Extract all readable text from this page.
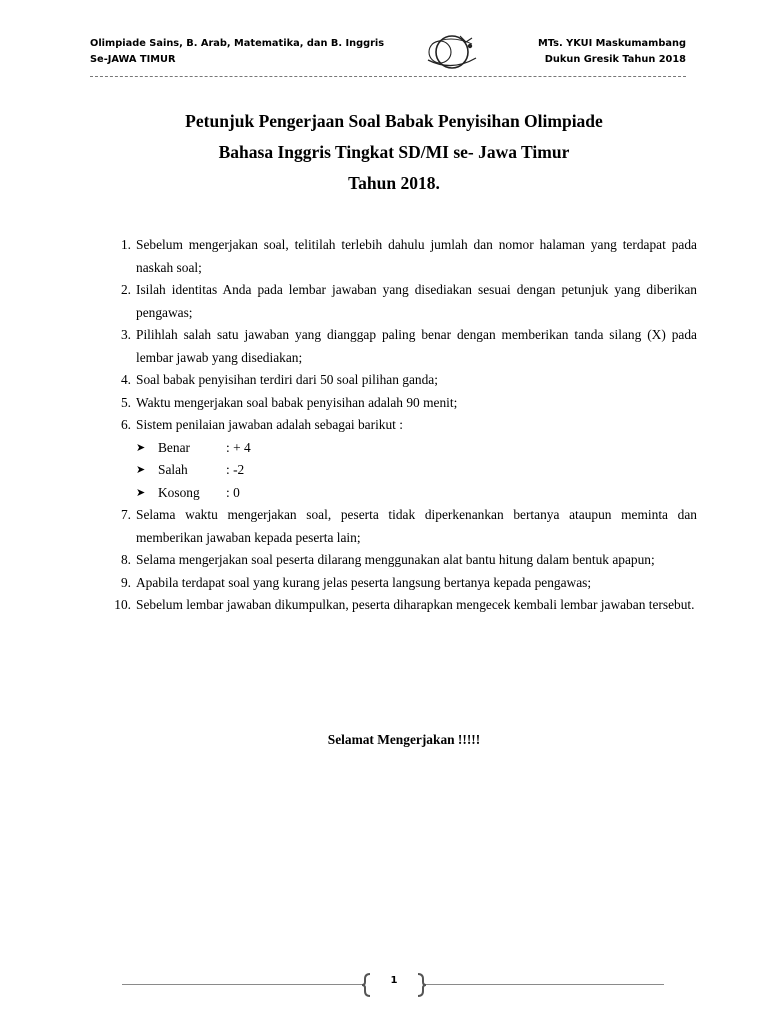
Olimpiade Sains, B. Arab, Matematika, dan B. Inggris
Se-JAWA TIMUR
MTs. YKUI Maskumambang
Dukun Gresik Tahun 2018
Petunjuk Pengerjaan Soal Babak Penyisihan Olimpiade
Bahasa Inggris Tingkat SD/MI se- Jawa Timur
Tahun 2018.
1. Sebelum mengerjakan soal, telitilah terlebih dahulu jumlah dan nomor halaman yang terdapat pada naskah soal;
2. Isilah identitas Anda pada lembar jawaban yang disediakan sesuai dengan petunjuk yang diberikan pengawas;
3. Pilihlah salah satu jawaban yang dianggap paling benar dengan memberikan tanda silang (X) pada lembar jawab yang disediakan;
4. Soal babak penyisihan terdiri dari 50 soal pilihan ganda;
5. Waktu mengerjakan soal babak penyisihan adalah 90 menit;
6. Sistem penilaian jawaban adalah sebagai barikut :
➤ Benar	: + 4
➤ Salah	: -2
➤ Kosong : 0
7. Selama waktu mengerjakan soal, peserta tidak diperkenankan bertanya ataupun meminta dan memberikan jawaban kepada peserta lain;
8. Selama mengerjakan soal peserta dilarang menggunakan alat bantu hitung dalam bentuk apapun;
9. Apabila terdapat soal yang kurang jelas peserta langsung bertanya kepada pengawas;
10. Sebelum lembar jawaban dikumpulkan, peserta diharapkan mengecek kembali lembar jawaban tersebut.
Selamat Mengerjakan !!!!!
1
